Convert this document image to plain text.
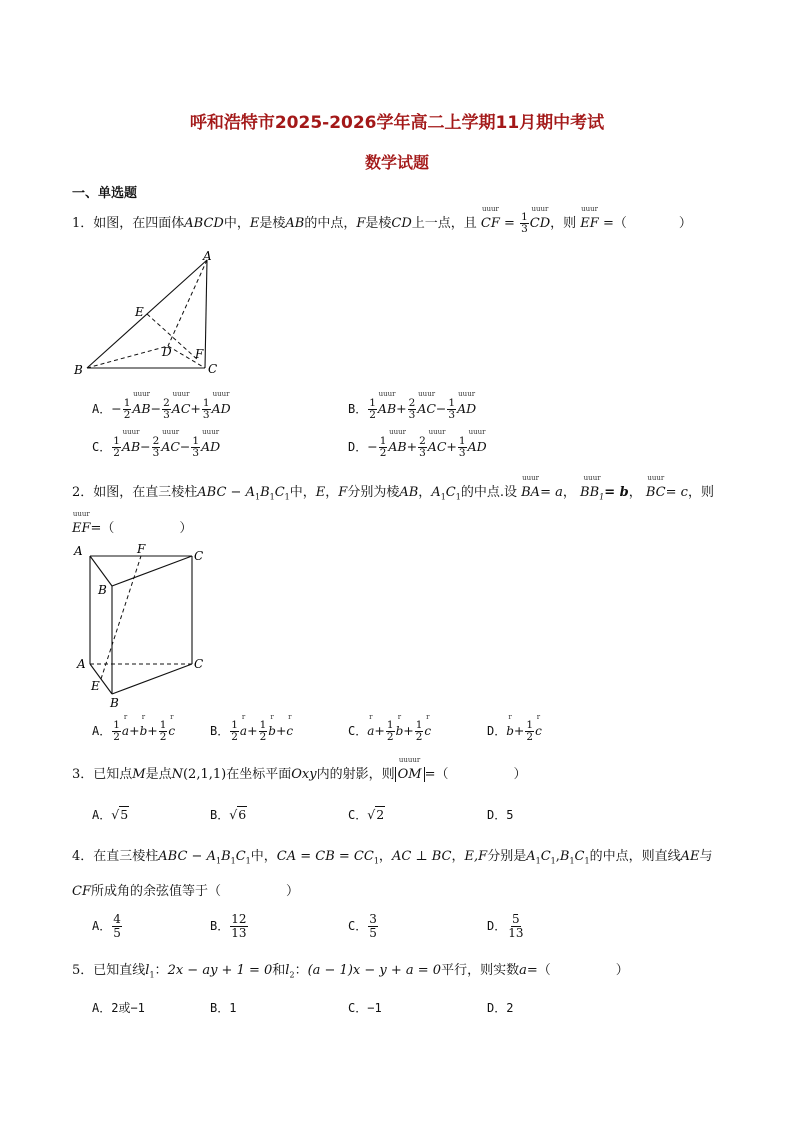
呼和浩特市2025-2026学年高二上学期11月期中考试
数学试题
一、单选题
1．如图，在四面体ABCD中，E是棱AB的中点，F是棱CD上一点，且
uuur
CF = $\frac{1}{3}$
uuur
CD，则
uuur
EF =（　　　　）
A
B	C
D
E
F
A．− $\frac{1}{2}$
uuur
$AB- \frac{2}{3}$
uuur
$AC+ \frac{1}{3}$
uuur
AD	B． $\frac{1}{2}$
uuur
$AB+ \frac{2}{3}$
uuur
$AC- \frac{1}{3}$
uuur
AD
C． $\frac{1}{2}$
uuur
$AB- \frac{2}{3}$
uuur
$AC- \frac{1}{3}$
uuur
AD	D．− $\frac{1}{2}$
uuur
$AB+ \frac{2}{3}$
uuur
$AC+ \frac{1}{3}$
uuur
AD
2．如图，在直三棱柱ABC − $A_1B_1C_1$中，E，F分别为棱AB，$A_1C_1$的中点.设
uuur
BA= a，
uuur
$BB_1= b$，
uuur
BC= c，则
uuur
EF=（　　　　　）
A	F	C
B
A	C
E
B
A． $\frac{1}{2}$
r
a+
r
$b+ \frac{1}{2}$
r
c	B． $\frac{1}{2}$
r
$a+ \frac{1}{2}$
r
b+
r
c	C．
r
$a+ \frac{1}{2}$
r
$b+ \frac{1}{2}$
r
c	D．
r
$b+ \frac{1}{2}$
r
c
3．已知点M是点N(2,1,1)在坐标平面Oxy内的射影，则
uuuur
OM =（　　　　　）
A．√5	B．√6	C．√2	D．5
4．在直三棱柱ABC − $A_1B_1C_1$中，CA = CB = $CC_1$，AC ⊥ BC，E,F分别是$A_1C_1,B_1C_1$的中点，则直线AE与
CF所成角的余弦值等于（　　　　　）
A． $\frac{4}{5}$	B． $\frac{12}{13}$	C． $\frac{3}{5}$	D． $\frac{5}{13}$
5．已知直线$l_1$：2x − ay + 1 = 0和$l_2$：(a − 1)x − y + a = 0平行，则实数a=（　　　　　）
A．2或−1	B．1	C．−1	D．2
